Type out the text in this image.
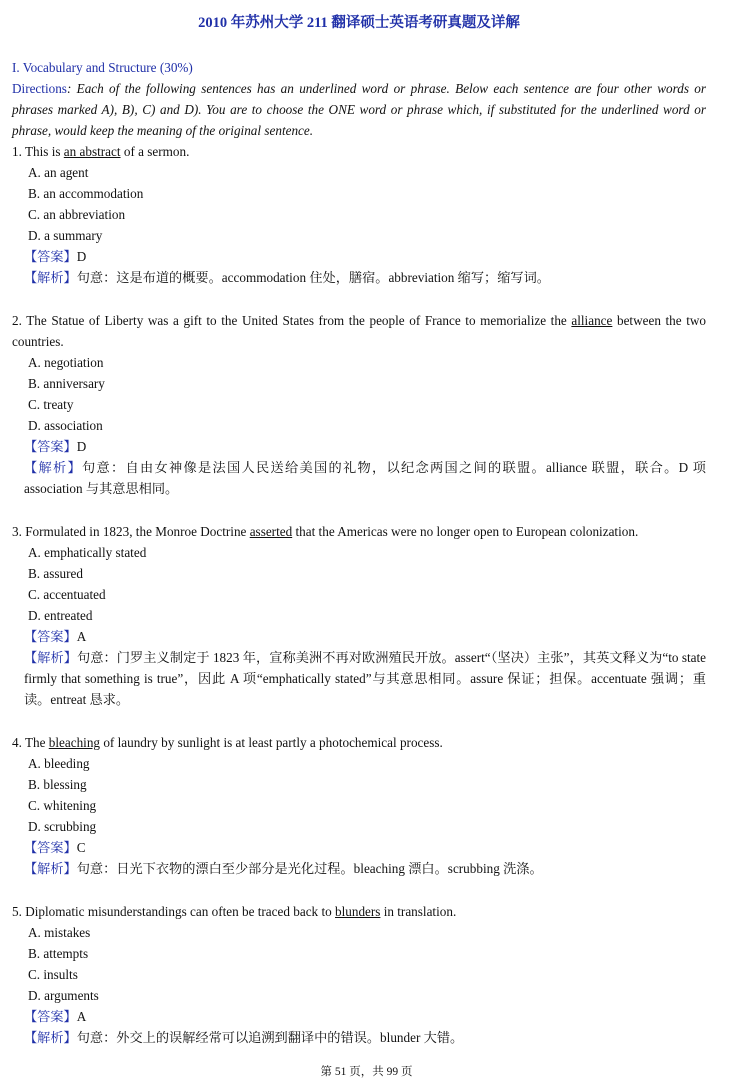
2010 年苏州大学 211 翻译硕士英语考研真题及详解
I. Vocabulary and Structure (30%)
Directions: Each of the following sentences has an underlined word or phrase. Below each sentence are four other words or phrases marked A), B), C) and D). You are to choose the ONE word or phrase which, if substituted for the underlined word or phrase, would keep the meaning of the original sentence.
1. This is an abstract of a sermon.
A. an agent
B. an accommodation
C. an abbreviation
D. a summary
【答案】D
【解析】句意：这是布道的概要。accommodation 住处，膳宿。abbreviation 缩写；缩写词。
2. The Statue of Liberty was a gift to the United States from the people of France to memorialize the alliance between the two countries.
A. negotiation
B. anniversary
C. treaty
D. association
【答案】D
【解析】句意：自由女神像是法国人民送给美国的礼物，以纪念两国之间的联盟。alliance 联盟，联合。D 项 association 与其意思相同。
3. Formulated in 1823, the Monroe Doctrine asserted that the Americas were no longer open to European colonization.
A. emphatically stated
B. assured
C. accentuated
D. entreated
【答案】A
【解析】句意：门罗主义制定于 1823 年，宣称美洲不再对欧洲殖民开放。assert“（坚决）主张”，其英文释义为“to state firmly that something is true”，因此 A 项“emphatically stated”与其意思相同。assure 保证；担保。accentuate 强调；重读。entreat 恳求。
4. The bleaching of laundry by sunlight is at least partly a photochemical process.
A. bleeding
B. blessing
C. whitening
D. scrubbing
【答案】C
【解析】句意：日光下衣物的漂白至少部分是光化过程。bleaching 漂白。scrubbing 洗涤。
5. Diplomatic misunderstandings can often be traced back to blunders in translation.
A. mistakes
B. attempts
C. insults
D. arguments
【答案】A
【解析】句意：外交上的误解经常可以追溯到翻译中的错误。blunder 大错。
第 51 页，共 99 页
